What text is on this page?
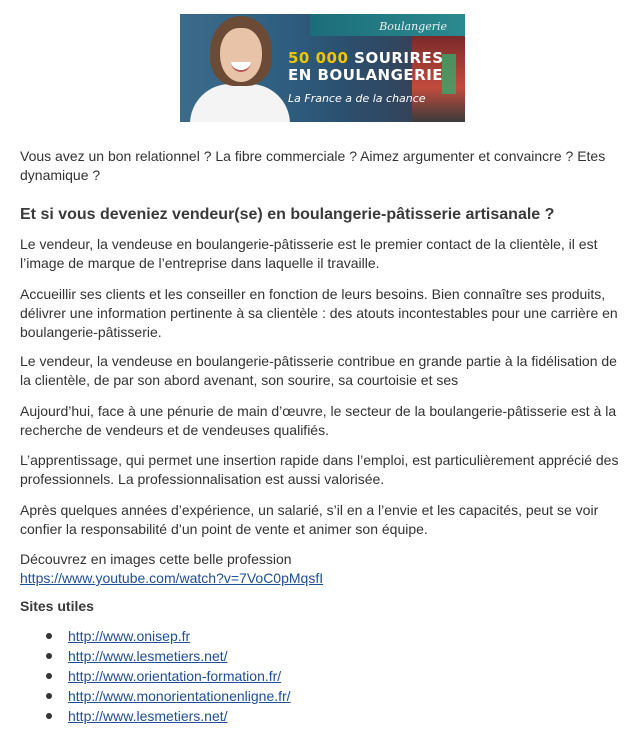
Boulangerie
50 000 SOURIRES
EN BOULANGERIE
La France a de la chance

Vous avez un bon relationnel ? La fibre commerciale ? Aimez argumenter et convaincre ? Etes dynamique ?

Et si vous deveniez vendeur(se) en boulangerie-pâtisserie artisanale ?

Le vendeur, la vendeuse en boulangerie-pâtisserie est le premier contact de la clientèle, il est l’image de marque de l’entreprise dans laquelle il travaille.

Accueillir ses clients et les conseiller en fonction de leurs besoins. Bien connaître ses produits, délivrer une information pertinente à sa clientèle : des atouts incontestables pour une carrière en boulangerie-pâtisserie.

Le vendeur, la vendeuse en boulangerie-pâtisserie contribue en grande partie à la fidélisation de la clientèle, de par son abord avenant, son sourire, sa courtoisie et ses

Aujourd’hui, face à une pénurie de main d’œuvre, le secteur de la boulangerie-pâtisserie est à la recherche de vendeurs et de vendeuses qualifiés.

L’apprentissage, qui permet une insertion rapide dans l’emploi, est particulièrement apprécié des professionnels. La professionnalisation est aussi valorisée.

Après quelques années d’expérience, un salarié, s’il en a l’envie et les capacités, peut se voir confier la responsabilité d’un point de vente et animer son équipe.

Découvrez en images cette belle profession
https://www.youtube.com/watch?v=7VoC0pMqsfI

Sites utiles
http://www.onisep.fr
http://www.lesmetiers.net/
http://www.orientation-formation.fr/
http://www.monorientationenligne.fr/
http://www.lesmetiers.net/
